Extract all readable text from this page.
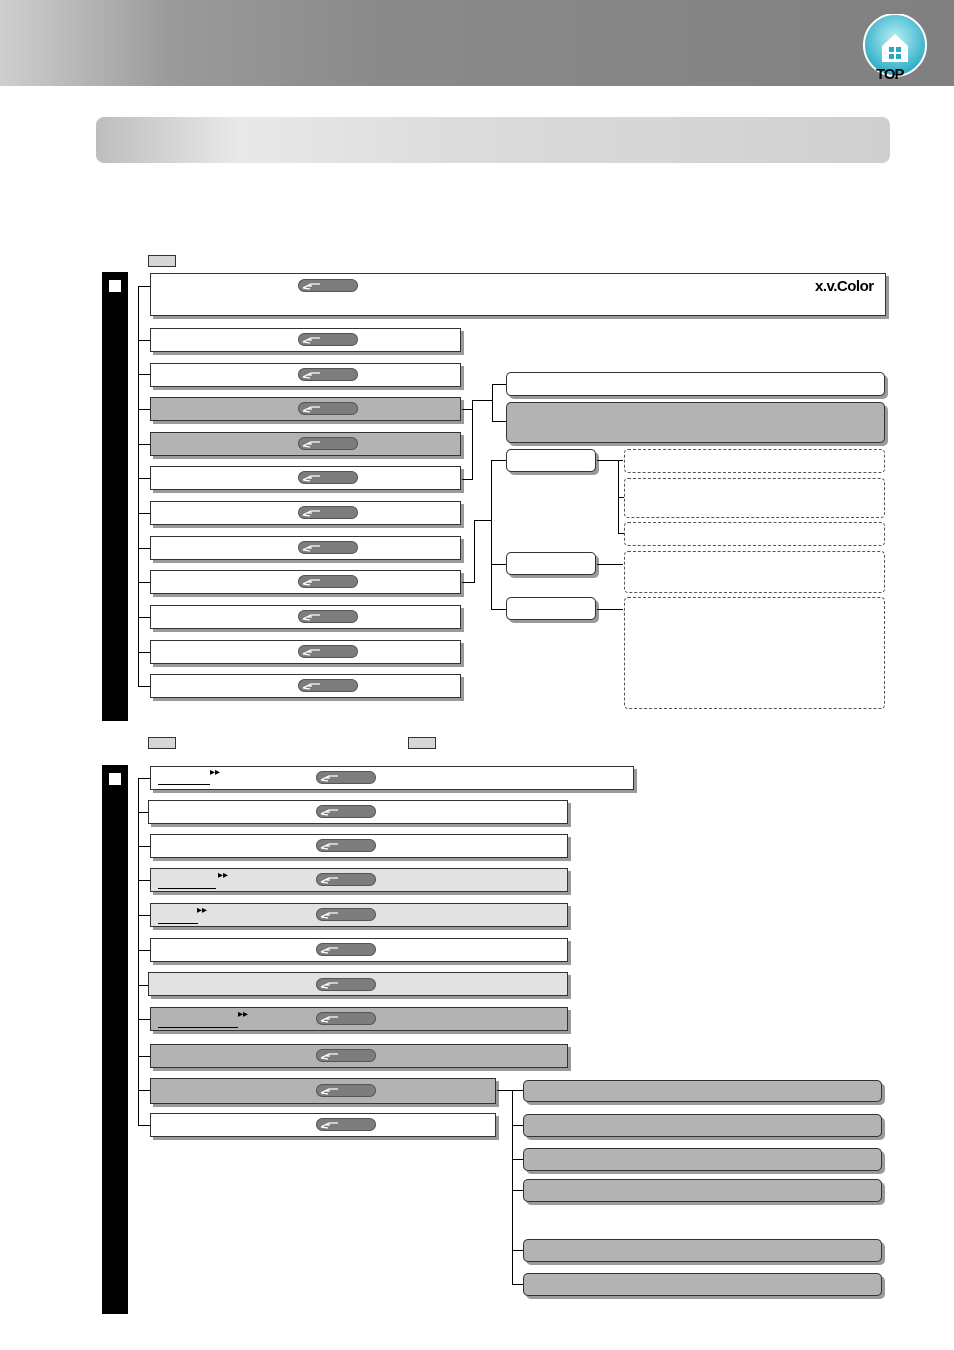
TOP
x.v.Color
▸▸
▸▸
▸▸
▸▸
